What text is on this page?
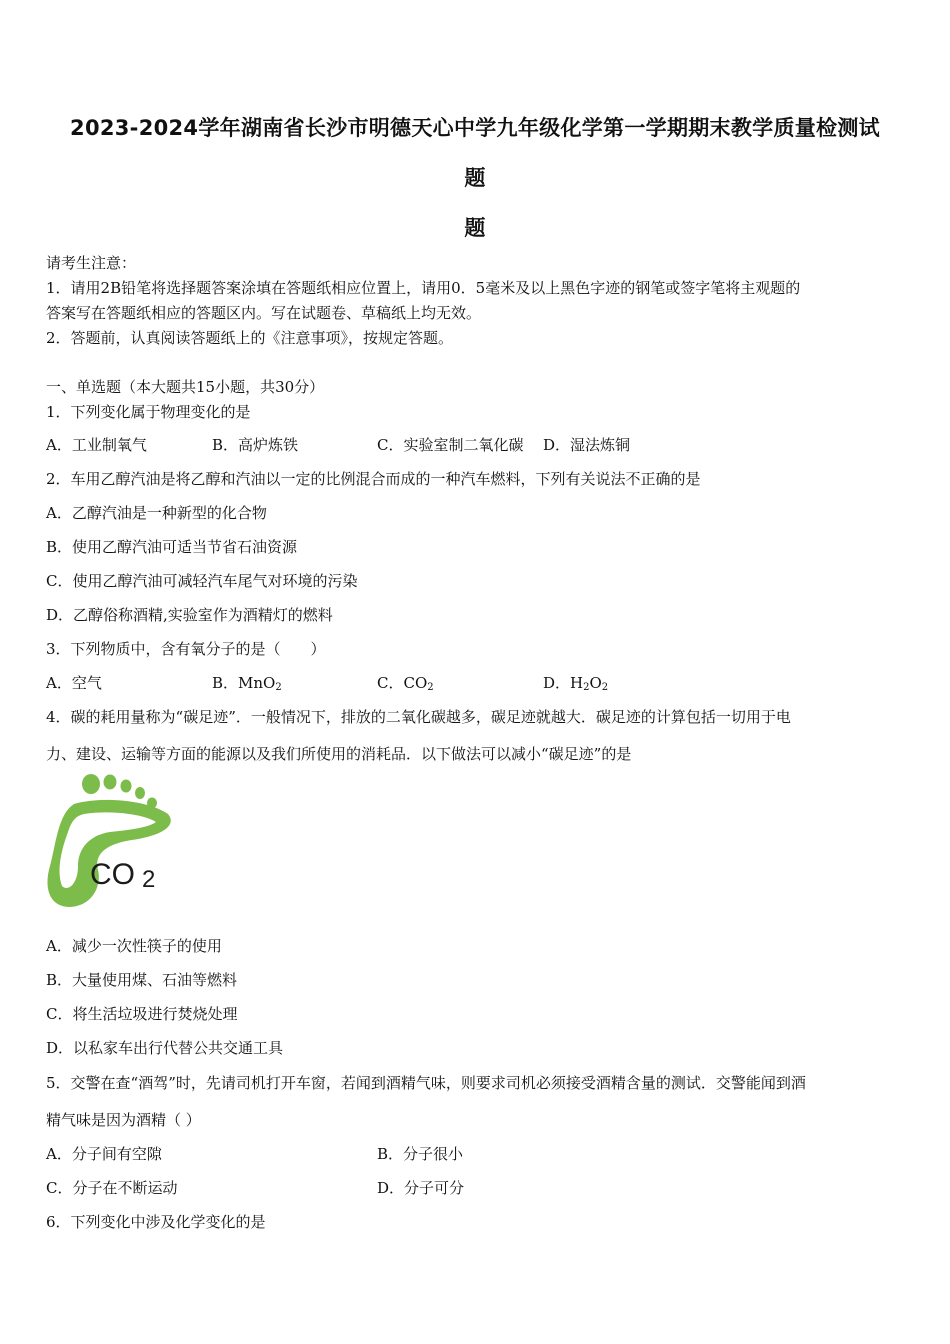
2023-2024学年湖南省长沙市明德天心中学九年级化学第一学期期末教学质量检测试
题
题
请考生注意：
1．请用2B铅笔将选择题答案涂填在答题纸相应位置上，请用0．5毫米及以上黑色字迹的钢笔或签字笔将主观题的
答案写在答题纸相应的答题区内。写在试题卷、草稿纸上均无效。
2．答题前，认真阅读答题纸上的《注意事项》，按规定答题。
一、单选题（本大题共15小题，共30分）
1．下列变化属于物理变化的是
A．工业制氧气	B．高炉炼铁	C．实验室制二氧化碳 D．湿法炼铜
2．车用乙醇汽油是将乙醇和汽油以一定的比例混合而成的一种汽车燃料，下列有关说法不正确的是
A．乙醇汽油是一种新型的化合物
B．使用乙醇汽油可适当节省石油资源
C．使用乙醇汽油可减轻汽车尾气对环境的污染
D．乙醇俗称酒精,实验室作为酒精灯的燃料
3．下列物质中，含有氧分子的是（　　）
A．空气	B．MnO$_2$	C．$CO_2$	D．$H_2O_2$
4．碳的耗用量称为“碳足迹”．一般情况下，排放的二氧化碳越多，碳足迹就越大．碳足迹的计算包括一切用于电
力、建设、运输等方面的能源以及我们所使用的消耗品．以下做法可以减小“碳足迹”的是
CO 2
A．减少一次性筷子的使用
B．大量使用煤、石油等燃料
C．将生活垃圾进行焚烧处理
D．以私家车出行代替公共交通工具
5．交警在查“酒驾”时，先请司机打开车窗，若闻到酒精气味，则要求司机必须接受酒精含量的测试．交警能闻到酒
精气味是因为酒精（ ）
A．分子间有空隙	B．分子很小
C．分子在不断运动	D．分子可分
6．下列变化中涉及化学变化的是
